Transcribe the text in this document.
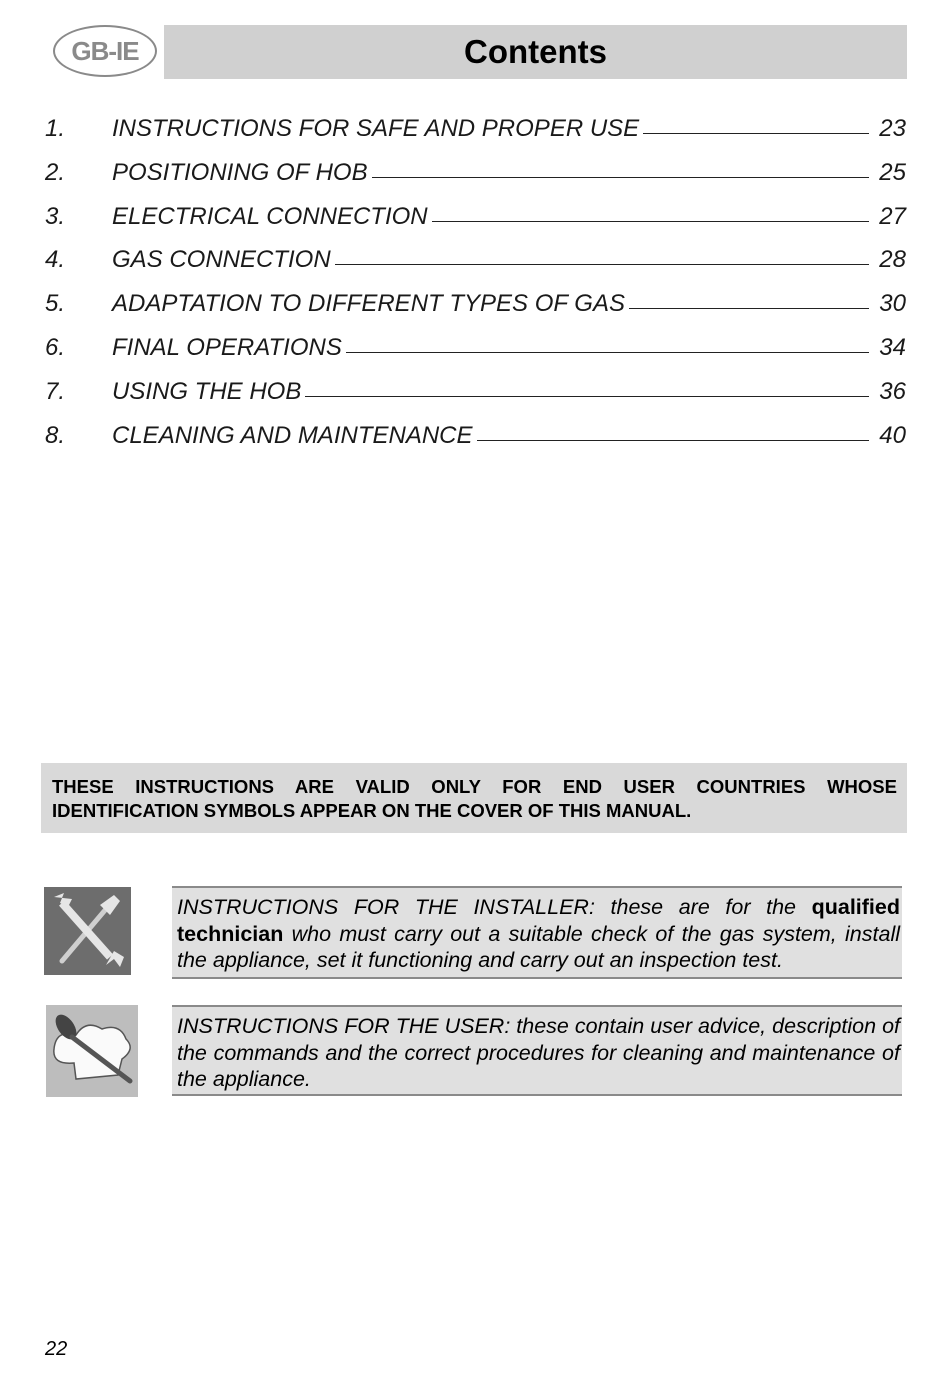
GB-IE	Contents
1.	INSTRUCTIONS FOR SAFE AND PROPER USE	23
2.	POSITIONING OF HOB	25
3.	ELECTRICAL CONNECTION	27
4.	GAS CONNECTION	28
5.	ADAPTATION TO DIFFERENT TYPES OF GAS	30
6.	FINAL OPERATIONS	34
7.	USING THE HOB	36
8.	CLEANING AND MAINTENANCE	40

THESE INSTRUCTIONS ARE VALID ONLY FOR END USER COUNTRIES WHOSE IDENTIFICATION SYMBOLS APPEAR ON THE COVER OF THIS MANUAL.

INSTRUCTIONS FOR THE INSTALLER: these are for the qualified technician who must carry out a suitable check of the gas system, install the appliance, set it functioning and carry out an inspection test.
INSTRUCTIONS FOR THE USER: these contain user advice, description of the commands and the correct procedures for cleaning and maintenance of the appliance.
22
